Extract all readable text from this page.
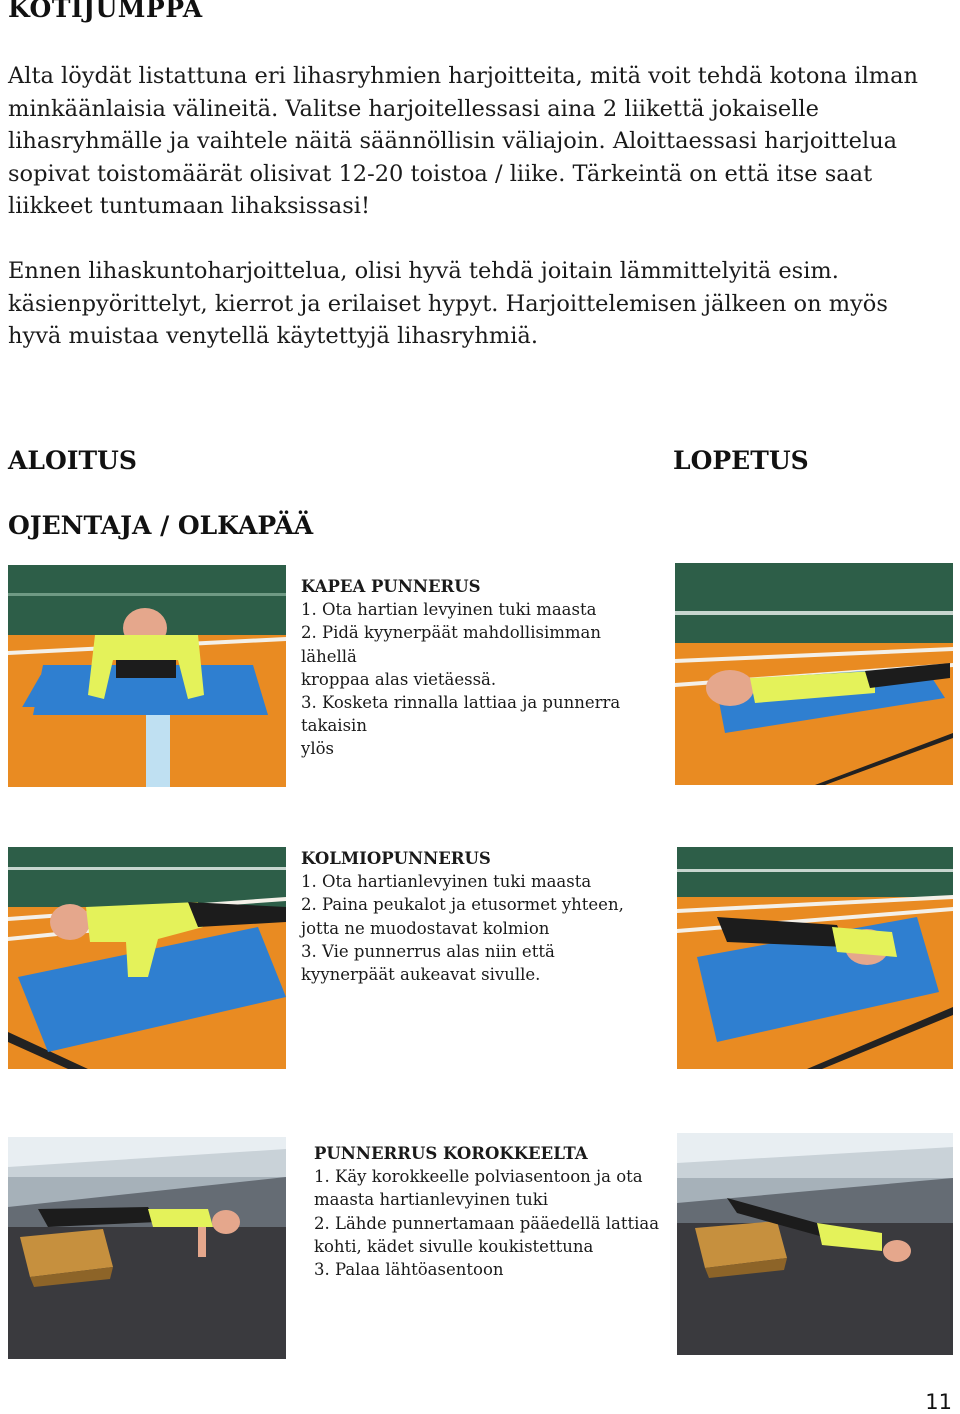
KOTIJUMPPA
Alta löydät listattuna eri lihasryhmien harjoitteita, mitä voit tehdä kotona ilman
minkäänlaisia välineitä. Valitse harjoitellessasi aina 2 liikettä jokaiselle
lihasryhmälle ja vaihtele näitä säännöllisin väliajoin. Aloittaessasi harjoittelua
sopivat toistomäärät olisivat 12-20 toistoa / liike. Tärkeintä on että itse saat
liikkeet tuntumaan lihaksissasi!
Ennen lihaskuntoharjoittelua, olisi hyvä tehdä joitain lämmittelyitä esim.
käsienpyörittelyt, kierrot ja erilaiset hypyt. Harjoittelemisen jälkeen on myös
hyvä muistaa venytellä käytettyjä lihasryhmiä.
ALOITUS	LOPETUS
OJENTAJA / OLKAPÄÄ
KAPEA PUNNERUS
1. Ota hartian levyinen tuki maasta
2. Pidä kyynerpäät mahdollisimman
lähellä
kroppaa alas vietäessä.
3. Kosketa rinnalla lattiaa ja punnerra
takaisin
ylös
KOLMIOPUNNERUS
1. Ota hartianlevyinen tuki maasta
2. Paina peukalot ja etusormet yhteen,
jotta ne muodostavat kolmion
3. Vie punnerrus alas niin että
kyynerpäät aukeavat sivulle.
PUNNERRUS KOROKKEELTA
1. Käy korokkeelle polviasentoon ja ota
maasta hartianlevyinen tuki
2. Lähde punnertamaan pääedellä lattiaa
kohti, kädet sivulle koukistettuna
3. Palaa lähtöasentoon
11
